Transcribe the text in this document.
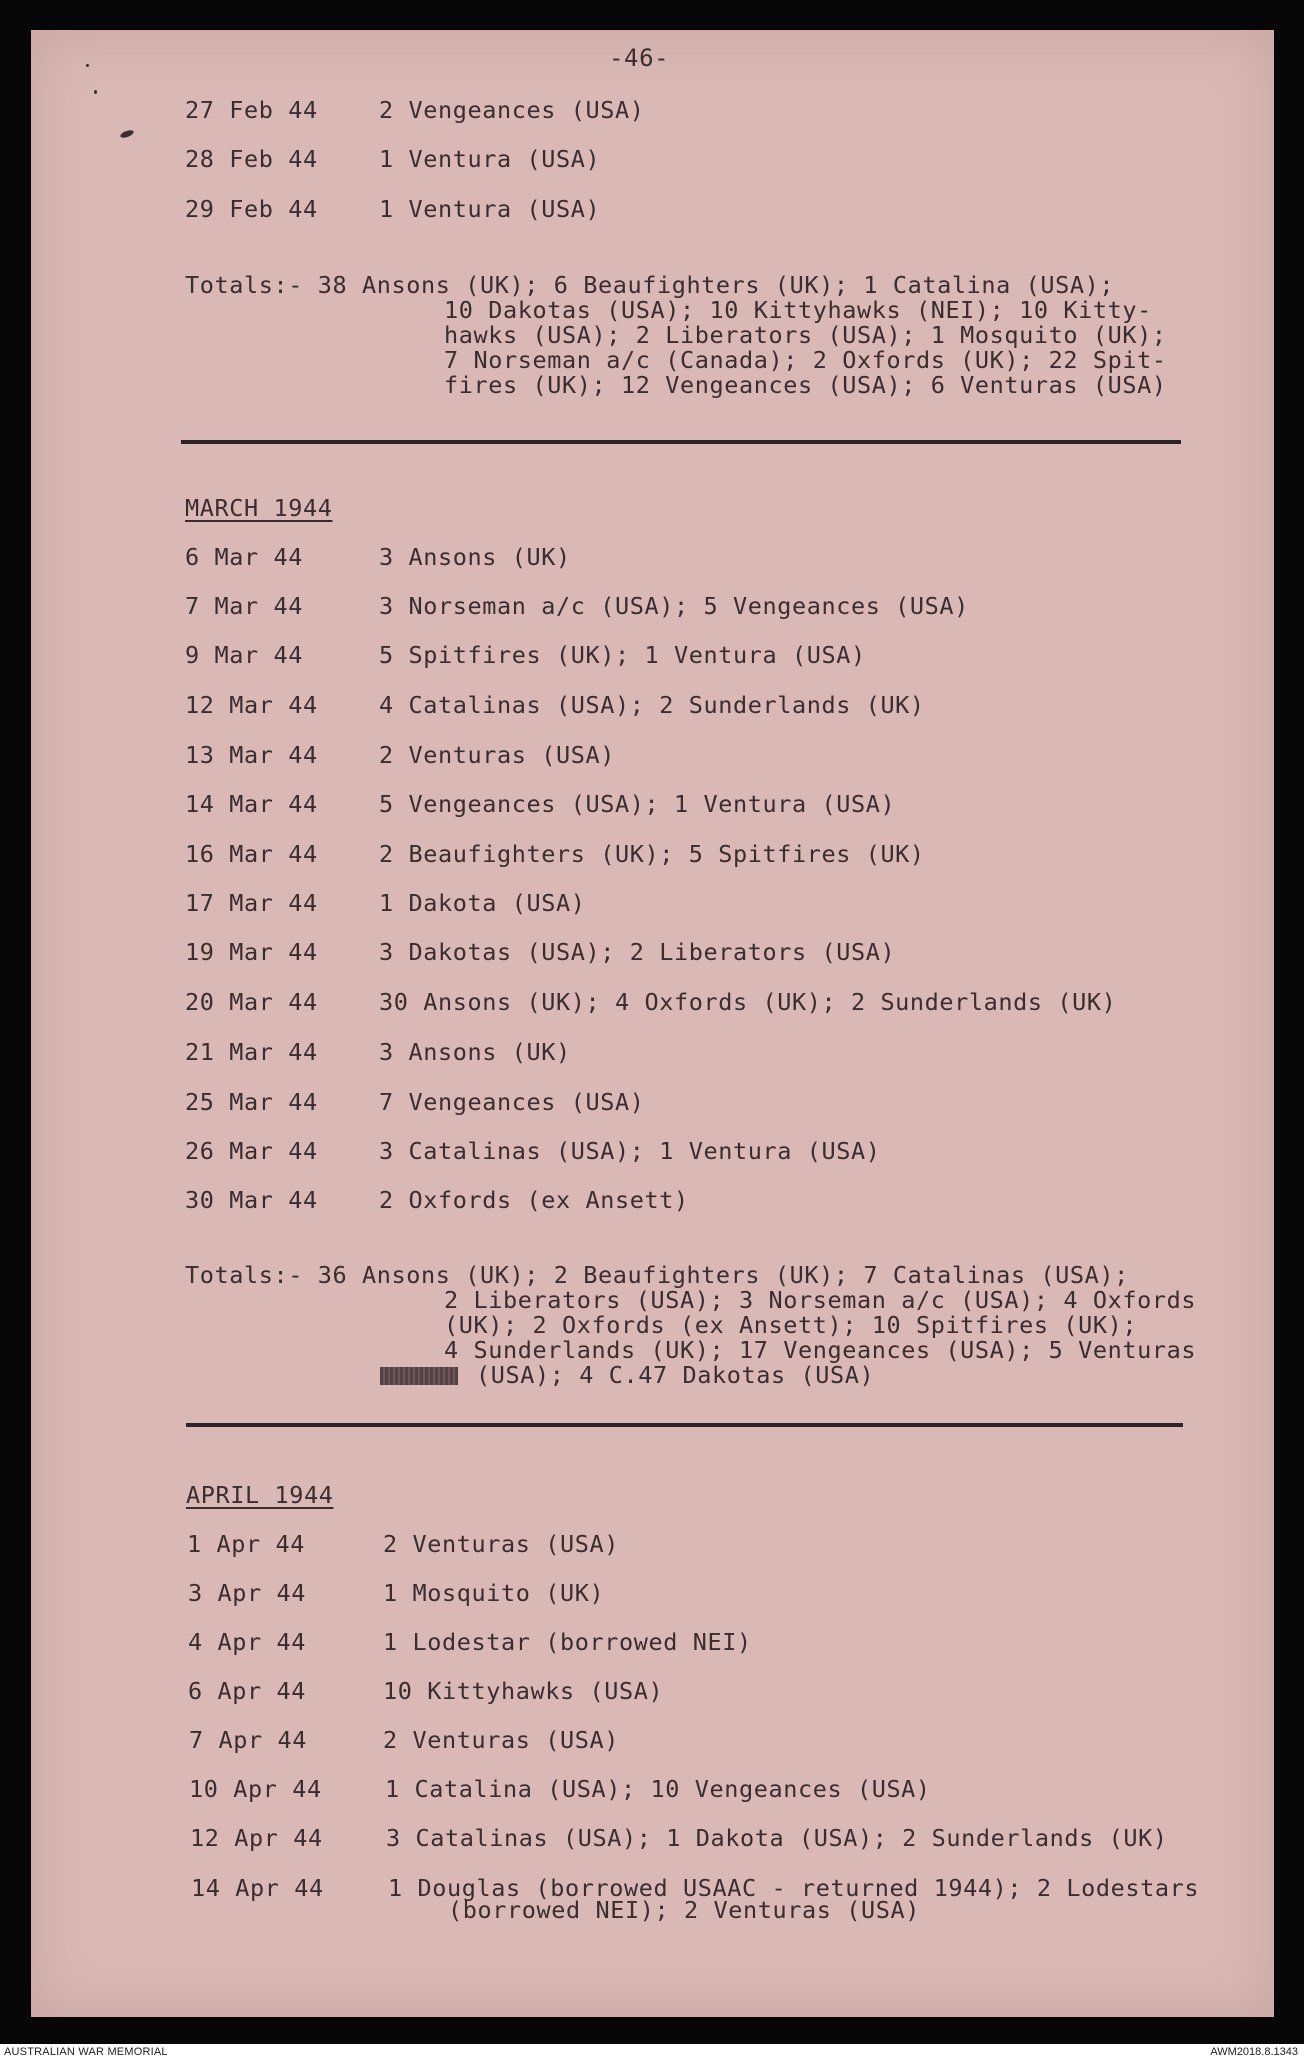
-46-
27 Feb 44	2 Vengeances (USA)
28 Feb 44	1 Ventura (USA)
29 Feb 44	1 Ventura (USA)
Totals:- 38 Ansons (UK); 6 Beaufighters (UK); 1 Catalina (USA);
10 Dakotas (USA); 10 Kittyhawks (NEI); 10 Kitty-
hawks (USA); 2 Liberators (USA); 1 Mosquito (UK);
7 Norseman a/c (Canada); 2 Oxfords (UK); 22 Spit-
fires (UK); 12 Vengeances (USA); 6 Venturas (USA)
MARCH 1944
6 Mar 44	3 Ansons (UK)
7 Mar 44	3 Norseman a/c (USA); 5 Vengeances (USA)
9 Mar 44	5 Spitfires (UK); 1 Ventura (USA)
12 Mar 44	4 Catalinas (USA); 2 Sunderlands (UK)
13 Mar 44	2 Venturas (USA)
14 Mar 44	5 Vengeances (USA); 1 Ventura (USA)
16 Mar 44	2 Beaufighters (UK); 5 Spitfires (UK)
17 Mar 44	1 Dakota (USA)
19 Mar 44	3 Dakotas (USA); 2 Liberators (USA)
20 Mar 44	30 Ansons (UK); 4 Oxfords (UK); 2 Sunderlands (UK)
21 Mar 44	3 Ansons (UK)
25 Mar 44	7 Vengeances (USA)
26 Mar 44	3 Catalinas (USA); 1 Ventura (USA)
30 Mar 44	2 Oxfords (ex Ansett)
Totals:- 36 Ansons (UK); 2 Beaufighters (UK); 7 Catalinas (USA);
2 Liberators (USA); 3 Norseman a/c (USA); 4 Oxfords
(UK); 2 Oxfords (ex Ansett); 10 Spitfires (UK);
4 Sunderlands (UK); 17 Vengeances (USA); 5 Venturas
(USA); 4 C.47 Dakotas (USA)
APRIL 1944
1 Apr 44	2 Venturas (USA)
3 Apr 44	1 Mosquito (UK)
4 Apr 44	1 Lodestar (borrowed NEI)
6 Apr 44	10 Kittyhawks (USA)
7 Apr 44	2 Venturas (USA)
10 Apr 44	1 Catalina (USA); 10 Vengeances (USA)
12 Apr 44	3 Catalinas (USA); 1 Dakota (USA); 2 Sunderlands (UK)
14 Apr 44	1 Douglas (borrowed USAAC - returned 1944); 2 Lodestars
(borrowed NEI); 2 Venturas (USA)
AUSTRALIAN WAR MEMORIAL	AWM2018.8.1343
